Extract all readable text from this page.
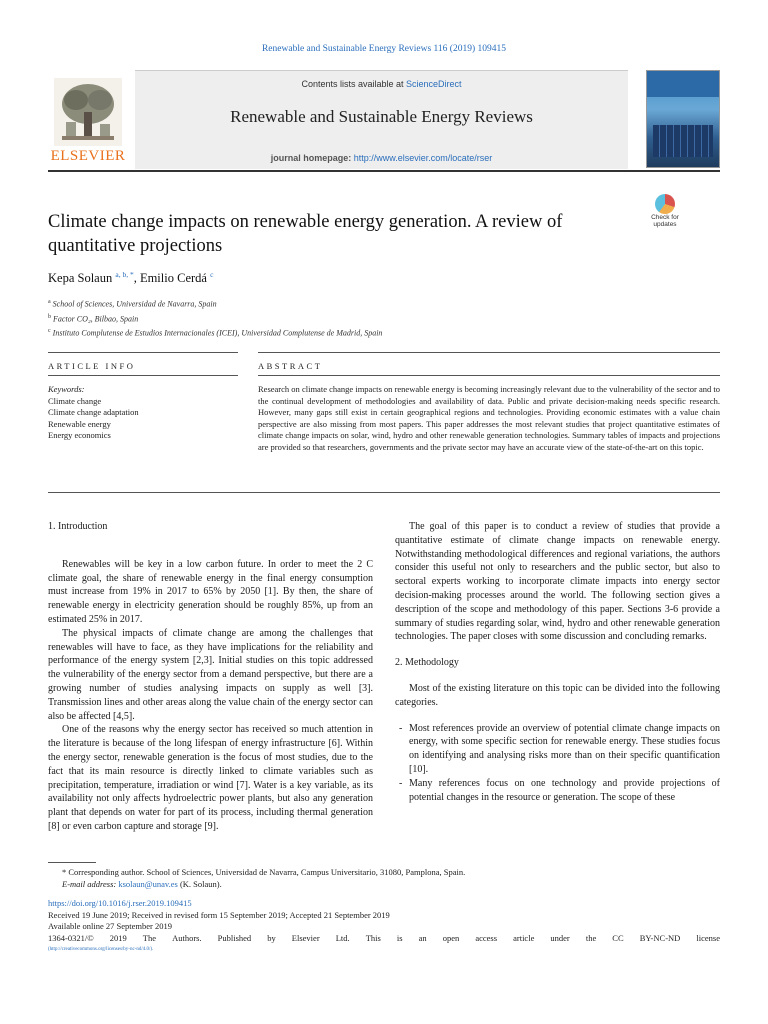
Renewable and Sustainable Energy Reviews 116 (2019) 109415
ELSEVIER
Contents lists available at ScienceDirect
Renewable and Sustainable Energy Reviews
journal homepage: http://www.elsevier.com/locate/rser
Check for updates
Climate change impacts on renewable energy generation. A review of quantitative projections
Kepa Solaun $^{a, b, *}$, Emilio Cerdá $^c$
$^a$ School of Sciences, Universidad de Navarra, Spain
$^b$ Factor CO₂, Bilbao, Spain
$^c$ Instituto Complutense de Estudios Internacionales (ICEI), Universidad Complutense de Madrid, Spain
ARTICLE INFO	ABSTRACT
Keywords:
Climate change
Climate change adaptation
Renewable energy
Energy economics

Research on climate change impacts on renewable energy is becoming increasingly relevant due to the vulnerability of the sector and to the continual development of methodologies and availability of data. Public and private decision-making needs specific research. However, many gaps still exist in certain geographical regions and technologies. Providing economic estimates with a value chain perspective are also missing from most papers. This paper addresses the most relevant studies that project quantitative estimates of climate change impacts on solar, wind, hydro and other renewable generation technologies. Summary tables of impacts and projections are provided so that researchers, governments and the private sector may have an accurate view of the state-of-the-art on this topic.

1. Introduction

Renewables will be key in a low carbon future. In order to meet the 2 C climate goal, the share of renewable energy in the final energy consumption must increase from 19% in 2017 to 65% by 2050 [1]. By then, the share of renewable energy in electricity generation should be roughly 85%, up from an estimated 25% in 2017.

The physical impacts of climate change are among the challenges that renewables will have to face, as they have implications for the reliability and performance of the energy system [2,3]. Initial studies on this topic addressed the vulnerability of the energy sector from a demand perspective, but there are a growing number of studies analysing impacts on supply as well [3]. Transmission lines and other areas along the value chain of the energy sector can also be affected [4,5].

One of the reasons why the energy sector has received so much attention in the literature is because of the long lifespan of energy infrastructure [6]. Within the energy sector, renewable generation is the focus of most studies, due to the fact that its main resource is directly linked to climate variables such as precipitation, temperature, irradiation or wind [7]. Water is a key variable, as its availability not only affects hydroelectric power plants, but also any generation plant that depends on water for part of its process, including thermal generation [8] or even carbon capture and storage [9].

The goal of this paper is to conduct a review of studies that provide a quantitative estimate of climate change impacts on renewable energy. Notwithstanding methodological differences and regional variations, the authors consider this useful not only to researchers and the public sector, but also to sectoral experts working to incorporate climate impacts into energy sector decision-making processes around the world. The following section gives a description of the scope and methodology of this paper. Sections 3-6 provide a summary of studies regarding solar, wind, hydro and other renewable generation technologies. The paper closes with some discussion and concluding remarks.

2. Methodology

Most of the existing literature on this topic can be divided into the following categories.

- Most references provide an overview of potential climate change impacts on energy, with some specific section for renewable energy. These studies focus on identifying and analysing risks more than on their specific quantification [10].
- Many references focus on one technology and provide projections of potential changes in the resource or generation. The scope of these
* Corresponding author. School of Sciences, Universidad de Navarra, Campus Universitario, 31080, Pamplona, Spain.
E-mail address: ksolaun@unav.es (K. Solaun).
https://doi.org/10.1016/j.rser.2019.109415
Received 19 June 2019; Received in revised form 15 September 2019; Accepted 21 September 2019
Available online 27 September 2019
1364-0321/© 2019 The Authors. Published by Elsevier Ltd. This is an open access article under the CC BY-NC-ND license
(http://creativecommons.org/licenses/by-nc-nd/4.0/).
